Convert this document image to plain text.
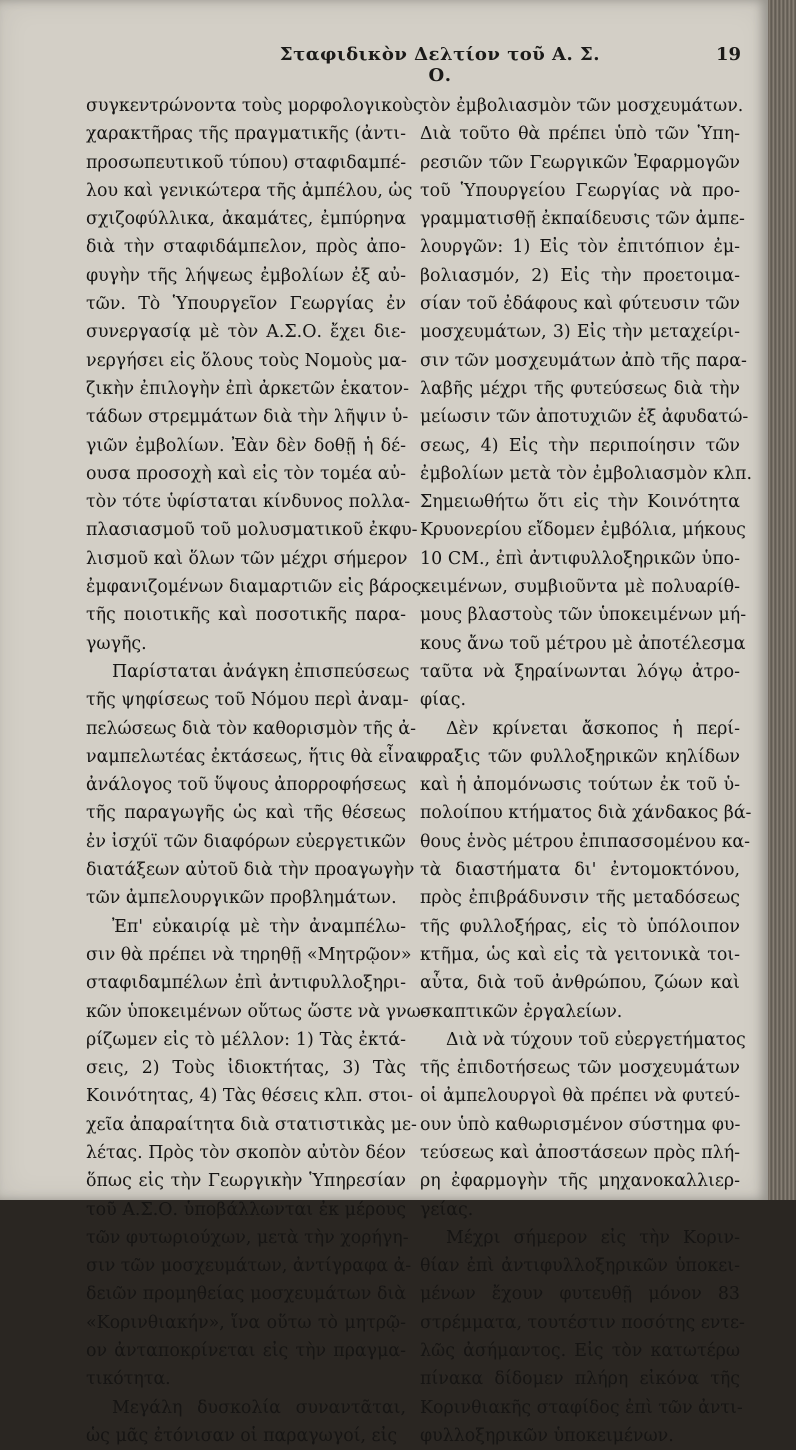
Σταφιδικὸν Δελτίον τοῦ Α. Σ. Ο.
19
συγκεντρώνοντα τοὺς μορφολογικοὺς
χαρακτῆρας τῆς πραγματικῆς (ἀντι-
προσωπευτικοῦ τύπου) σταφιδαμπέ-
λου καὶ γενικώτερα τῆς ἀμπέλου, ὡς
σχιζοφύλλικα, ἀκαμάτες, ἐμπύρηνα
διὰ τὴν σταφιδάμπελον, πρὸς ἀπο-
φυγὴν τῆς λήψεως ἐμβολίων ἐξ αὐ-
τῶν. Τὸ Ὑπουργεῖον Γεωργίας ἐν
συνεργασίᾳ μὲ τὸν Α.Σ.Ο. ἔχει διε-
νεργήσει εἰς ὅλους τοὺς Νομοὺς μα-
ζικὴν ἐπιλογὴν ἐπὶ ἀρκετῶν ἑκατον-
τάδων στρεμμάτων διὰ τὴν λῆψιν ὑ-
γιῶν ἐμβολίων. Ἐὰν δὲν δοθῇ ἡ δέ-
ουσα προσοχὴ καὶ εἰς τὸν τομέα αὐ-
τὸν τότε ὑφίσταται κίνδυνος πολλα-
πλασιασμοῦ τοῦ μολυσματικοῦ ἐκφυ-
λισμοῦ καὶ ὅλων τῶν μέχρι σήμερον
ἐμφανιζομένων διαμαρτιῶν εἰς βάρος
τῆς ποιοτικῆς καὶ ποσοτικῆς παρα-
γωγῆς.
Παρίσταται ἀνάγκη ἐπισπεύσεως
τῆς ψηφίσεως τοῦ Νόμου περὶ ἀναμ-
πελώσεως διὰ τὸν καθορισμὸν τῆς ἀ-
ναμπελωτέας ἐκτάσεως, ἥτις θὰ εἶναι
ἀνάλογος τοῦ ὕψους ἀπορροφήσεως
τῆς παραγωγῆς ὡς καὶ τῆς θέσεως
ἐν ἰσχύϊ τῶν διαφόρων εὐεργετικῶν
διατάξεων αὐτοῦ διὰ τὴν προαγωγὴν
τῶν ἀμπελουργικῶν προβλημάτων.
Ἐπ' εὐκαιρίᾳ μὲ τὴν ἀναμπέλω-
σιν θὰ πρέπει νὰ τηρηθῇ «Μητρῷον»
σταφιδαμπέλων ἐπὶ ἀντιφυλλοξηρι-
κῶν ὑποκειμένων οὕτως ὥστε νὰ γνω-
ρίζωμεν εἰς τὸ μέλλον: 1) Τὰς ἐκτά-
σεις, 2) Τοὺς ἰδιοκτήτας, 3) Τὰς
Κοινότητας, 4) Τὰς θέσεις κλπ. στοι-
χεῖα ἀπαραίτητα διὰ στατιστικὰς με-
λέτας. Πρὸς τὸν σκοπὸν αὐτὸν δέον
ὅπως εἰς τὴν Γεωργικὴν Ὑπηρεσίαν
τοῦ Α.Σ.Ο. ὑποβάλλωνται ἐκ μέρους
τῶν φυτωριούχων, μετὰ τὴν χορήγη-
σιν τῶν μοσχευμάτων, ἀντίγραφα ἀ-
δειῶν προμηθείας μοσχευμάτων διὰ
«Κορινθιακήν», ἵνα οὕτω τὸ μητρῷ-
ον ἀνταποκρίνεται εἰς τὴν πραγμα-
τικότητα.
Μεγάλη δυσκολία συναντᾶται,
ὡς μᾶς ἐτόνισαν οἱ παραγωγοί, εἰς
τὸν ἐμβολιασμὸν τῶν μοσχευμάτων.
Διὰ τοῦτο θὰ πρέπει ὑπὸ τῶν Ὑπη-
ρεσιῶν τῶν Γεωργικῶν Ἐφαρμογῶν
τοῦ Ὑπουργείου Γεωργίας νὰ προ-
γραμματισθῇ ἐκπαίδευσις τῶν ἀμπε-
λουργῶν: 1) Εἰς τὸν ἐπιτόπιον ἐμ-
βολιασμόν, 2) Εἰς τὴν προετοιμα-
σίαν τοῦ ἐδάφους καὶ φύτευσιν τῶν
μοσχευμάτων, 3) Εἰς τὴν μεταχείρι-
σιν τῶν μοσχευμάτων ἀπὸ τῆς παρα-
λαβῆς μέχρι τῆς φυτεύσεως διὰ τὴν
μείωσιν τῶν ἀποτυχιῶν ἐξ ἀφυδατώ-
σεως, 4) Εἰς τὴν περιποίησιν τῶν
ἐμβολίων μετὰ τὸν ἐμβολιασμὸν κλπ.
Σημειωθήτω ὅτι εἰς τὴν Κοινότητα
Κρυονερίου εἴδομεν ἐμβόλια, μήκους
10 CM., ἐπὶ ἀντιφυλλοξηρικῶν ὑπο-
κειμένων, συμβιοῦντα μὲ πολυαρίθ-
μους βλαστοὺς τῶν ὑποκειμένων μή-
κους ἄνω τοῦ μέτρου μὲ ἀποτέλεσμα
ταῦτα νὰ ξηραίνωνται λόγῳ ἀτρο-
φίας.
Δὲν κρίνεται ἄσκοπος ἡ περί-
φραξις τῶν φυλλοξηρικῶν κηλίδων
καὶ ἡ ἀπομόνωσις τούτων ἐκ τοῦ ὑ-
πολοίπου κτήματος διὰ χάνδακος βά-
θους ἑνὸς μέτρου ἐπιπασσομένου κα-
τὰ διαστήματα δι' ἐντομοκτόνου,
πρὸς ἐπιβράδυνσιν τῆς μεταδόσεως
τῆς φυλλοξήρας, εἰς τὸ ὑπόλοιπον
κτῆμα, ὡς καὶ εἰς τὰ γειτονικὰ τοι-
αὗτα, διὰ τοῦ ἀνθρώπου, ζώων καὶ
σκαπτικῶν ἐργαλείων.
Διὰ νὰ τύχουν τοῦ εὐεργετήματος
τῆς ἐπιδοτήσεως τῶν μοσχευμάτων
οἱ ἀμπελουργοὶ θὰ πρέπει νὰ φυτεύ-
ουν ὑπὸ καθωρισμένον σύστημα φυ-
τεύσεως καὶ ἀποστάσεων πρὸς πλή-
ρη ἐφαρμογὴν τῆς μηχανοκαλλιερ-
γείας.
Μέχρι σήμερον εἰς τὴν Κοριν-
θίαν ἐπὶ ἀντιφυλλοξηρικῶν ὑποκει-
μένων ἔχουν φυτευθῇ μόνον 83
στρέμματα, τουτέστιν ποσότης εντε-
λῶς ἀσήμαντος. Εἰς τὸν κατωτέρω
πίνακα δίδομεν πλήρη εἰκόνα τῆς
Κορινθιακῆς σταφίδος ἐπὶ τῶν ἀντι-
φυλλοξηρικῶν ὑποκειμένων.
